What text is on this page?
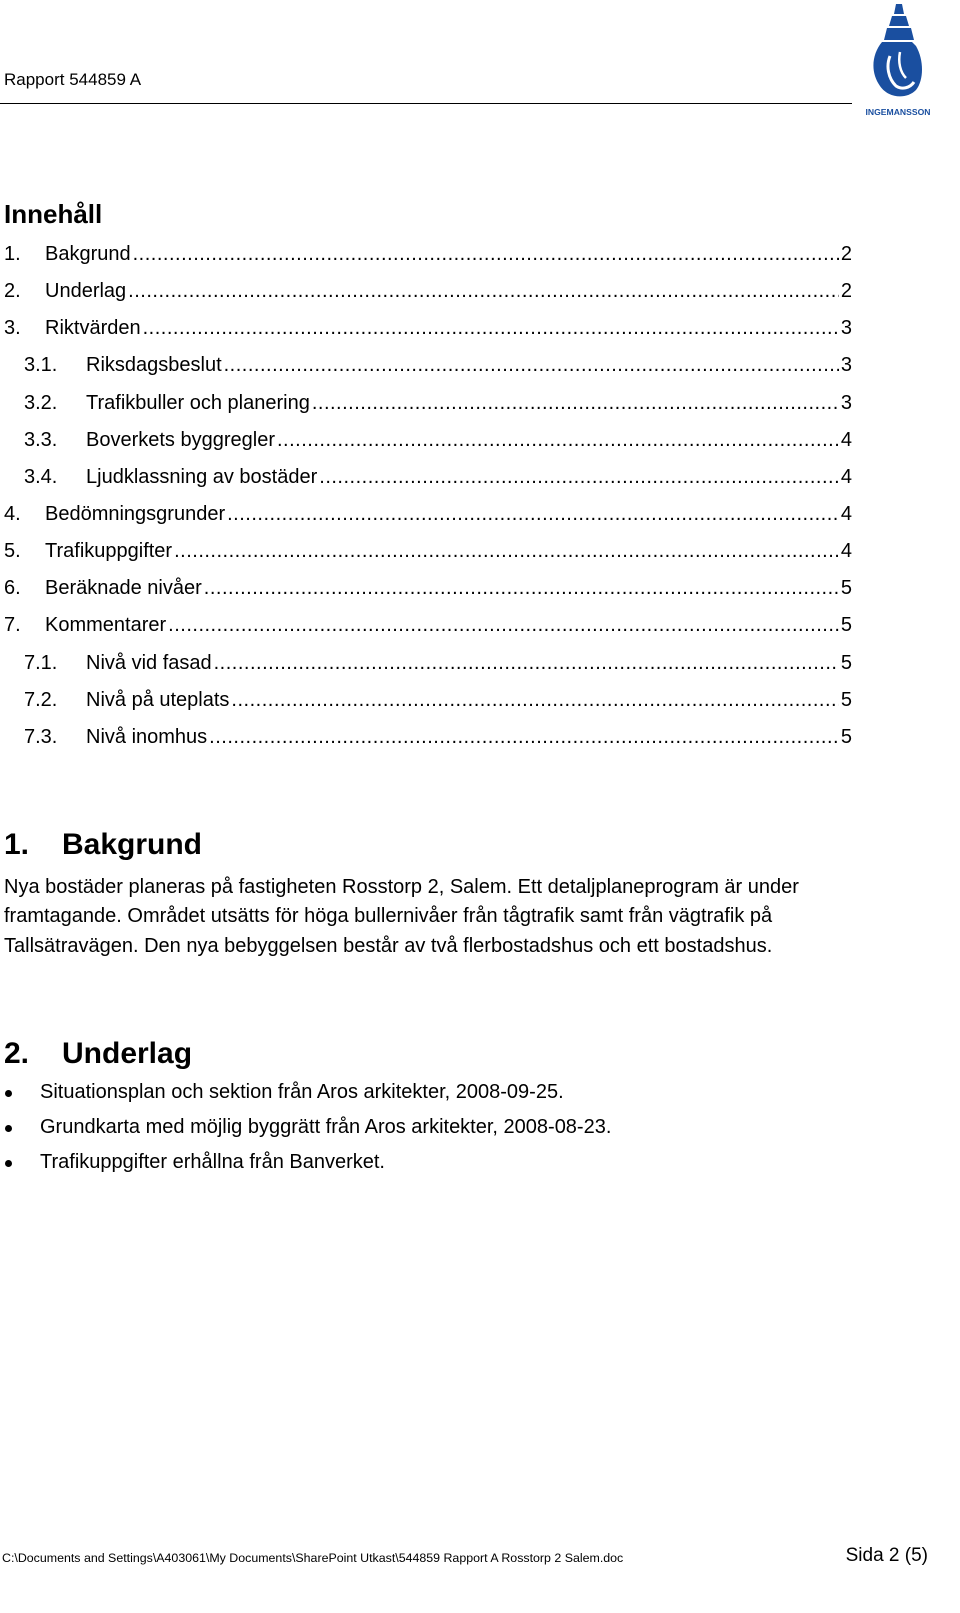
Rapport 544859 A
INGEMANSSON
Innehåll
1. Bakgrund .....	2
2. Underlag .....	2
3. Riktvärden .....	3
3.1. Riksdagsbeslut .....	3
3.2. Trafikbuller och planering .....	3
3.3. Boverkets byggregler .....	4
3.4. Ljudklassning av bostäder .....	4
4. Bedömningsgrunder .....	4
5. Trafikuppgifter .....	4
6. Beräknade nivåer .....	5
7. Kommentarer .....	5
7.1. Nivå vid fasad .....	5
7.2. Nivå på uteplats .....	5
7.3. Nivå inomhus .....	5
1. Bakgrund
Nya bostäder planeras på fastigheten Rosstorp 2, Salem. Ett detaljplaneprogram är under framtagande. Området utsätts för höga bullernivåer från tågtrafik samt från vägtrafik på Tallsätravägen. Den nya bebyggelsen består av två flerbostadshus och ett bostadshus.
2. Underlag
Situationsplan och sektion från Aros arkitekter, 2008-09-25.
Grundkarta med möjlig byggrätt från Aros arkitekter, 2008-08-23.
Trafikuppgifter erhållna från Banverket.
C:\Documents and Settings\A403061\My Documents\SharePoint Utkast\544859 Rapport A Rosstorp 2 Salem.doc	Sida 2 (5)
